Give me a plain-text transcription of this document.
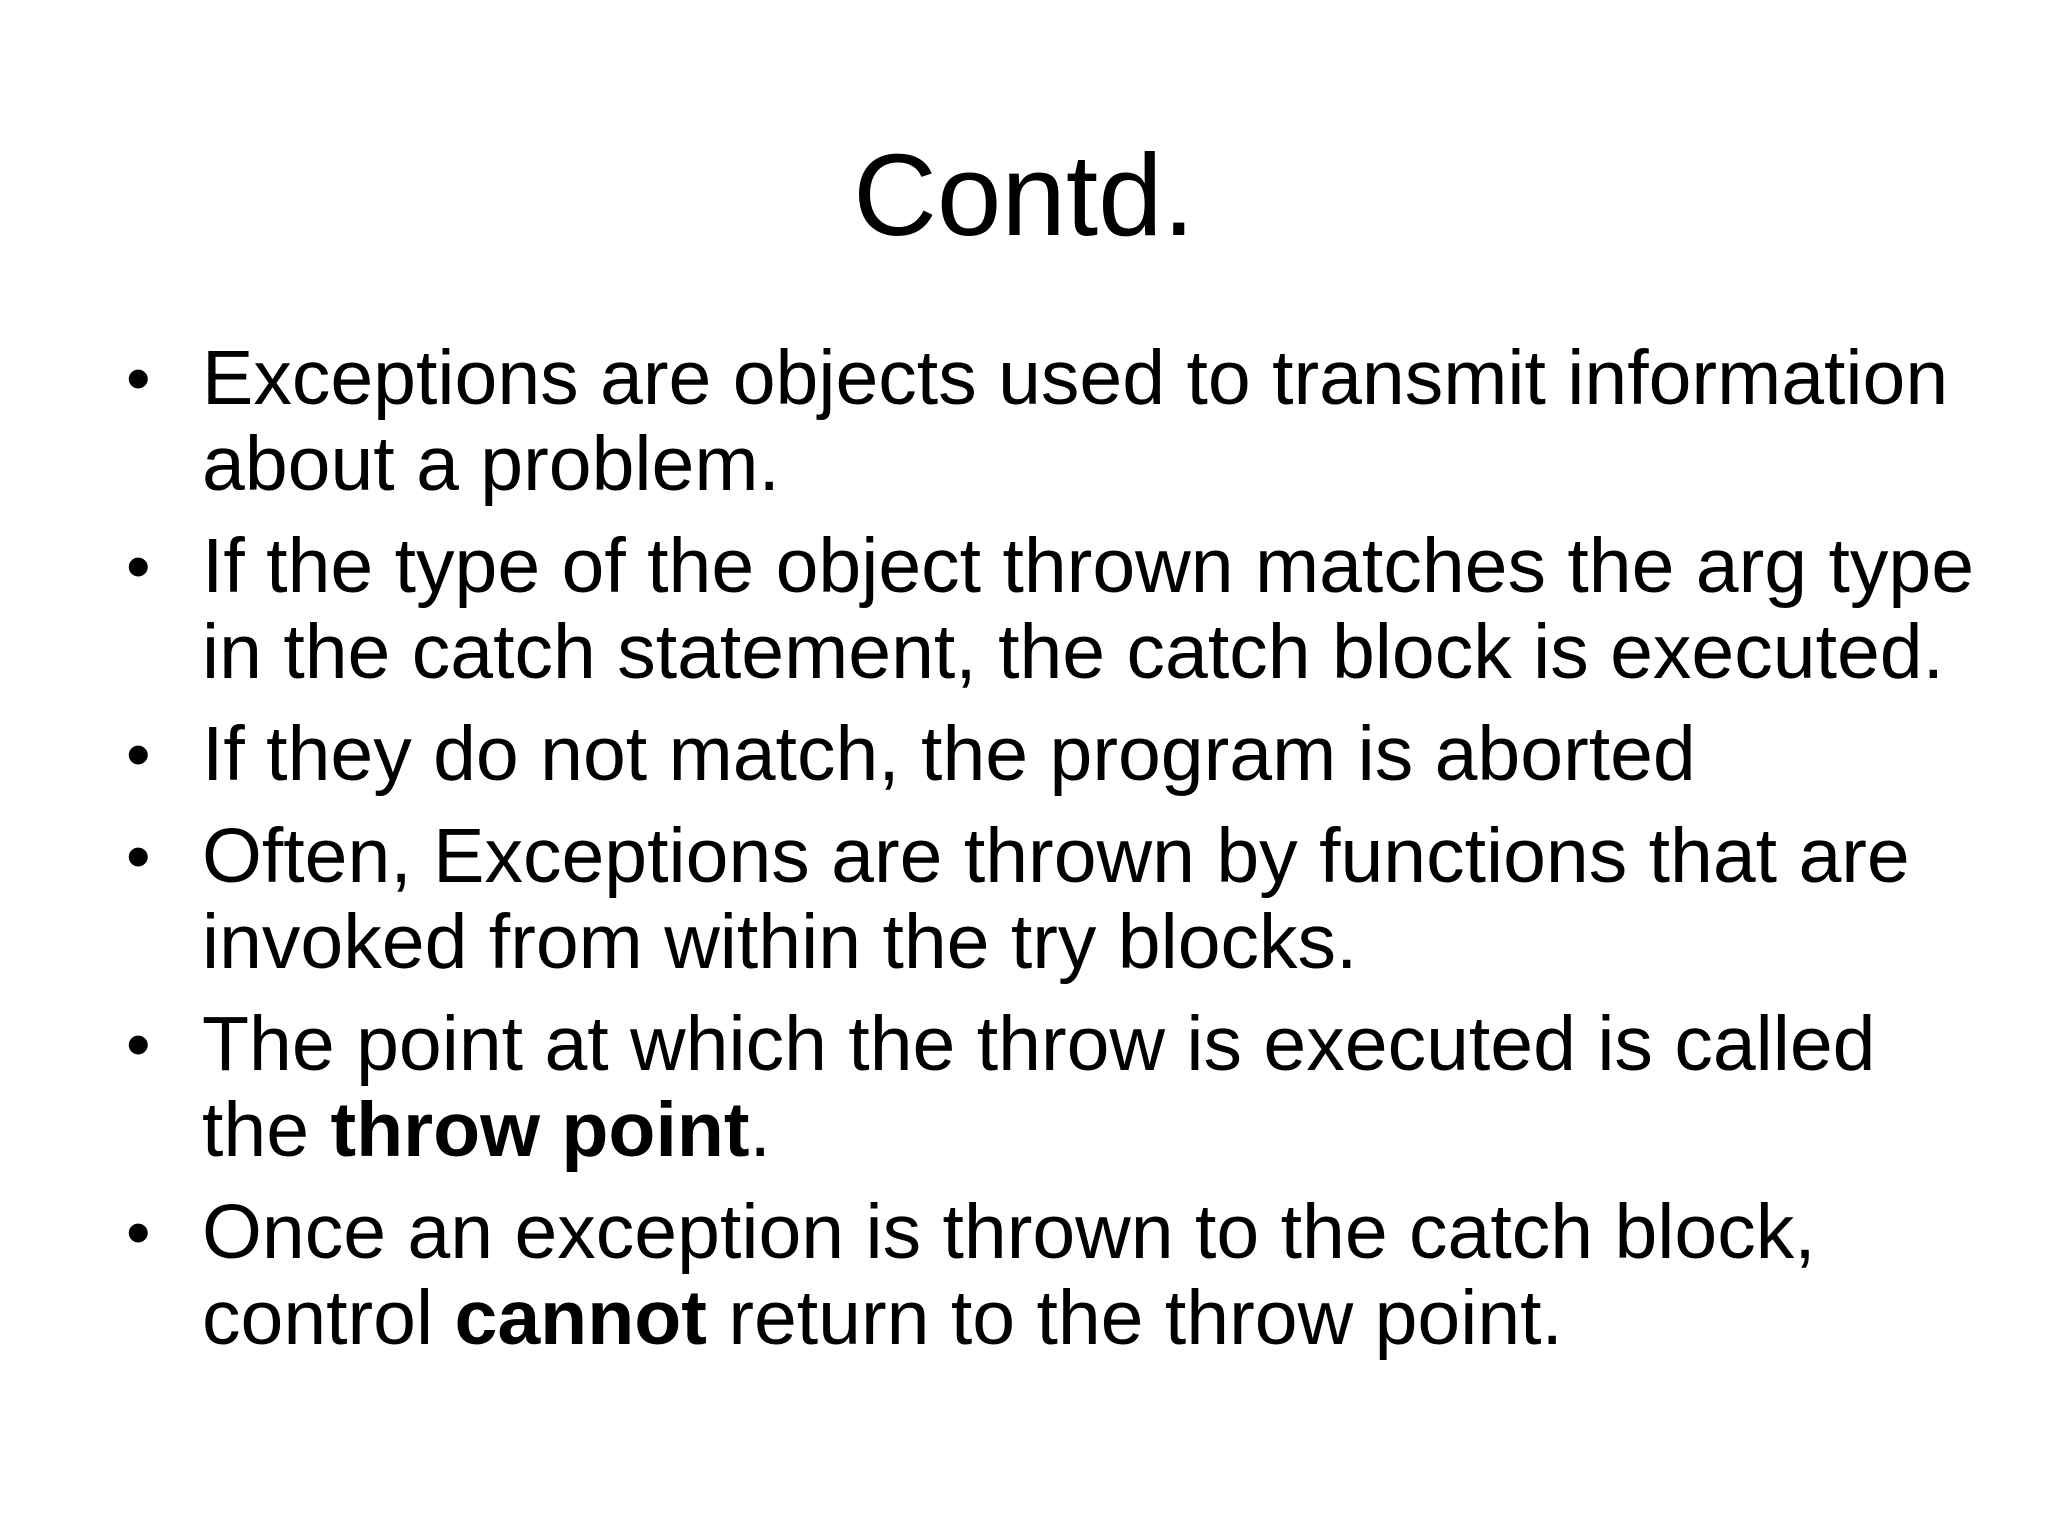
Contd.
• Exceptions are objects used to transmit information about a problem.
• If the type of the object thrown matches the arg type in the catch statement, the catch block is executed.
• If they do not match, the program is aborted
• Often, Exceptions are thrown by functions that are invoked from within the try blocks.
• The point at which the throw is executed is called the throw point.
• Once an exception is thrown to the catch block, control cannot return to the throw point.
